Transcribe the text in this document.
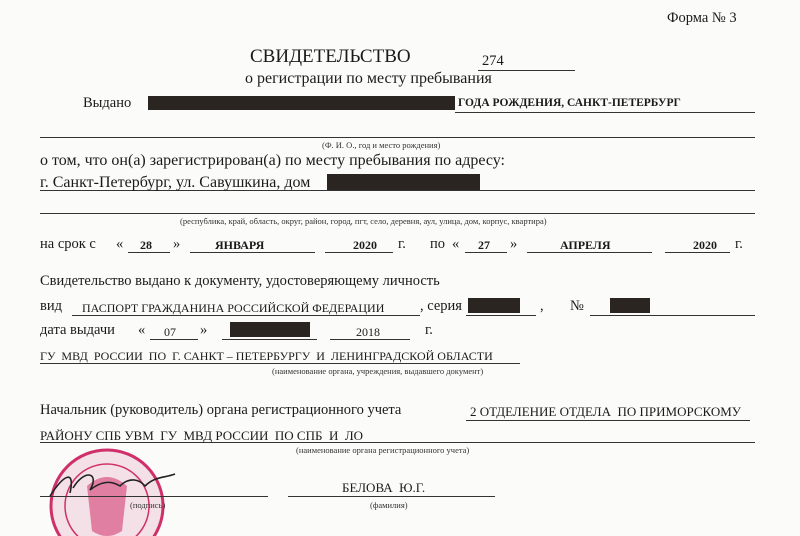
Форма № 3
СВИДЕТЕЛЬСТВО	274
о регистрации по месту пребывания
Выдано	ГОДА РОЖДЕНИЯ, САНКТ-ПЕТЕРБУРГ
(Ф. И. О., год и место рождения)
о том, что он(а) зарегистрирован(а) по месту пребывания по адресу:
г. Санкт-Петербург, ул. Савушкина, дом
(республика, край, область, округ, район, город, пгт, село, деревня, аул, улица, дом, корпус, квартира)
на срок с « 28 »	ЯНВАРЯ	2020 г. по « 27 »	АПРЕЛЯ	2020 г.
Свидетельство выдано к документу, удостоверяющему личность
вид ПАСПОРТ ГРАЖДАНИНА РОССИЙСКОЙ ФЕДЕРАЦИИ , серия	, №
дата выдачи « 07 »	2018	г.
ГУ  МВД  РОССИИ  ПО  Г. САНКТ – ПЕТЕРБУРГУ  И  ЛЕНИНГРАДСКОЙ ОБЛАСТИ
(наименование органа, учреждения, выдавшего документ)
Начальник (руководитель) органа регистрационного учета	2 ОТДЕЛЕНИЕ ОТДЕЛА  ПО ПРИМОРСКОМУ
РАЙОНУ СПБ УВМ  ГУ  МВД РОССИИ  ПО СПБ  И  ЛО
(наименование органа регистрационного учета)
(подпись)
БЕЛОВА  Ю.Г.
(фамилия)
